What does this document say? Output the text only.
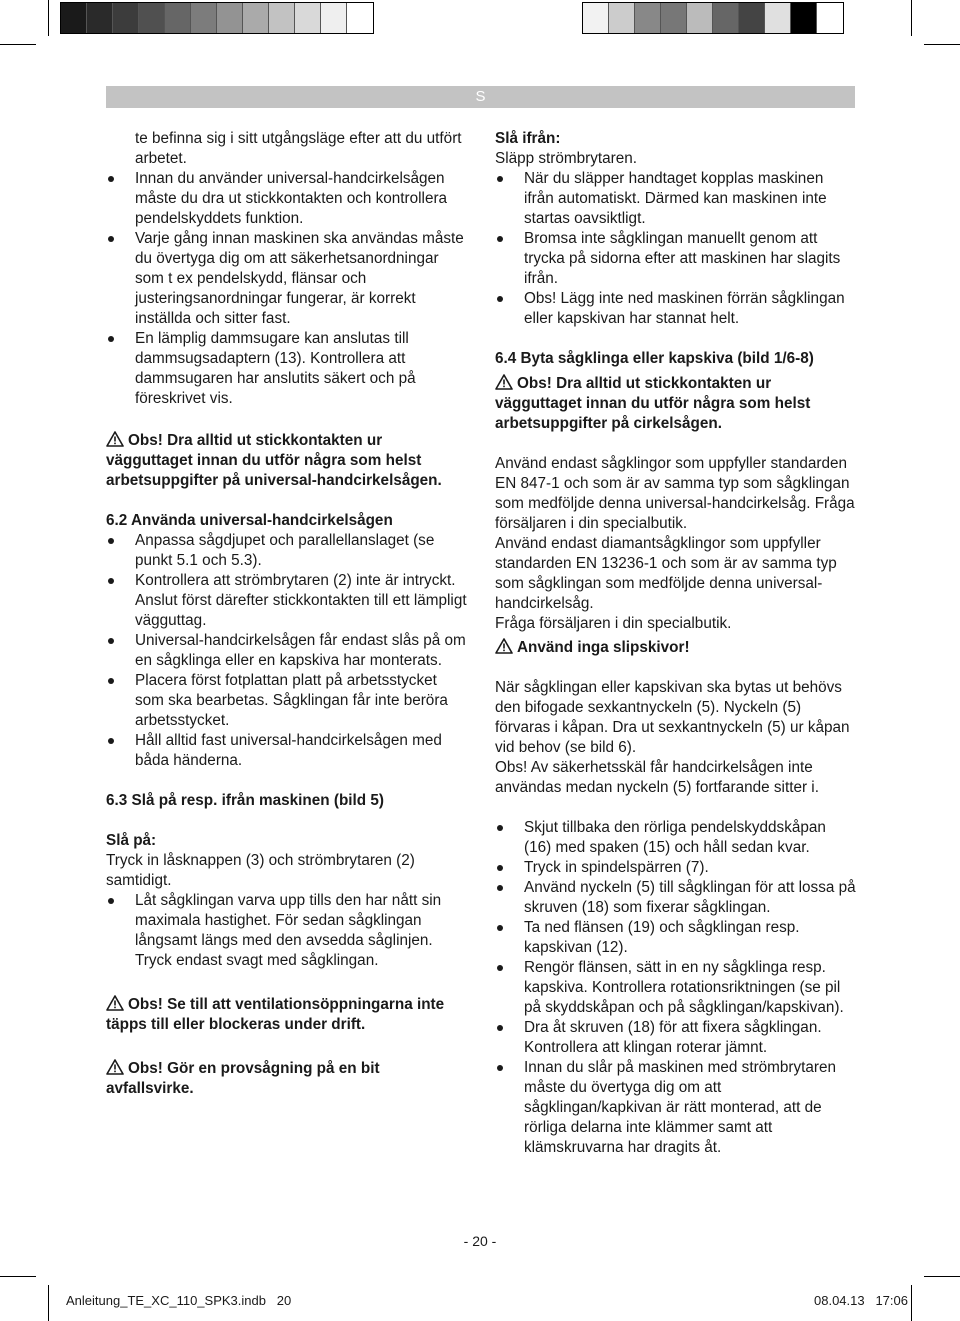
S

te befinna sig i sitt utgångsläge efter att du utfört arbetet.

Innan du använder universal-handcirkelsågen måste du dra ut stickkontakten och kontrollera pendelskyddets funktion.
Varje gång innan maskinen ska användas måste du övertyga dig om att säkerhetsanordningar som t ex pendelskydd, flänsar och justeringsanordningar fungerar, är korrekt inställda och sitter fast.
En lämplig dammsugare kan anslutas till dammsugsadaptern (13). Kontrollera att dammsugaren har anslutits säkert och på föreskrivet vis.

Obs! Dra alltid ut stickkontakten ur vägguttaget innan du utför några som helst arbetsuppgifter på universal-handcirkelsågen.

6.2 Använda universal-handcirkelsågen

Anpassa sågdjupet och parallellanslaget (se punkt 5.1 och 5.3).
Kontrollera att strömbrytaren (2) inte är intryckt. Anslut först därefter stickkontakten till ett lämpligt vägguttag.
Universal-handcirkelsågen får endast slås på om en sågklinga eller en kapskiva har monterats.
Placera först fotplattan platt på arbetsstycket som ska bearbetas. Sågklingan får inte beröra arbetsstycket.
Håll alltid fast universal-handcirkelsågen med båda händerna.

6.3 Slå på resp. ifrån maskinen (bild 5)

Slå på:

Tryck in låsknappen (3) och strömbrytaren (2) samtidigt.

Låt sågklingan varva upp tills den har nått sin maximala hastighet. För sedan sågklingan långsamt längs med den avsedda såglinjen. Tryck endast svagt med sågklingan.

Obs! Se till att ventilationsöppningarna inte täpps till eller blockeras under drift.

Obs! Gör en provsågning på en bit avfallsvirke.

Slå ifrån:

Släpp strömbrytaren.

När du släpper handtaget kopplas maskinen ifrån automatiskt. Därmed kan maskinen inte startas oavsiktligt.
Bromsa inte sågklingan manuellt genom att trycka på sidorna efter att maskinen har slagits ifrån.
Obs! Lägg inte ned maskinen förrän sågklingan eller kapskivan har stannat helt.

6.4 Byta sågklinga eller kapskiva (bild 1/6-8)

Obs! Dra alltid ut stickkontakten ur vägguttaget innan du utför några som helst arbetsuppgifter på cirkelsågen.

Använd endast sågklingor som uppfyller standarden EN 847-1 och som är av samma typ som sågklingan som medföljde denna universal-handcirkelsåg. Fråga försäljaren i din specialbutik.

Använd endast diamantsågklingor som uppfyller standarden EN 13236-1 och som är av samma typ som sågklingan som medföljde denna universal-handcirkelsåg.

Fråga försäljaren i din specialbutik.

Använd inga slipskivor!

När sågklingan eller kapskivan ska bytas ut behövs den bifogade sexkantnyckeln (5). Nyckeln (5) förvaras i kåpan. Dra ut sexkantnyckeln (5) ur kåpan vid behov (se bild 6).

Obs! Av säkerhetsskäl får handcirkelsågen inte användas medan nyckeln (5) fortfarande sitter i.

Skjut tillbaka den rörliga pendelskyddskåpan (16) med spaken (15) och håll sedan kvar.
Tryck in spindelspärren (7).
Använd nyckeln (5) till sågklingan för att lossa på skruven (18) som fixerar sågklingan.
Ta ned flänsen (19) och sågklingan resp. kapskivan (12).
Rengör flänsen, sätt in en ny sågklinga resp. kapskiva. Kontrollera rotationsriktningen (se pil på skyddskåpan och på sågklingan/kapskivan).
Dra åt skruven (18) för att fixera sågklingan. Kontrollera att klingan roterar jämnt.
Innan du slår på maskinen med strömbrytaren måste du övertyga dig om att sågklingan/kapkivan är rätt monterad, att de rörliga delarna inte klämmer samt att klämskruvarna har dragits åt.
- 20 -
Anleitung_TE_XC_110_SPK3.indb   20	08.04.13   17:06
